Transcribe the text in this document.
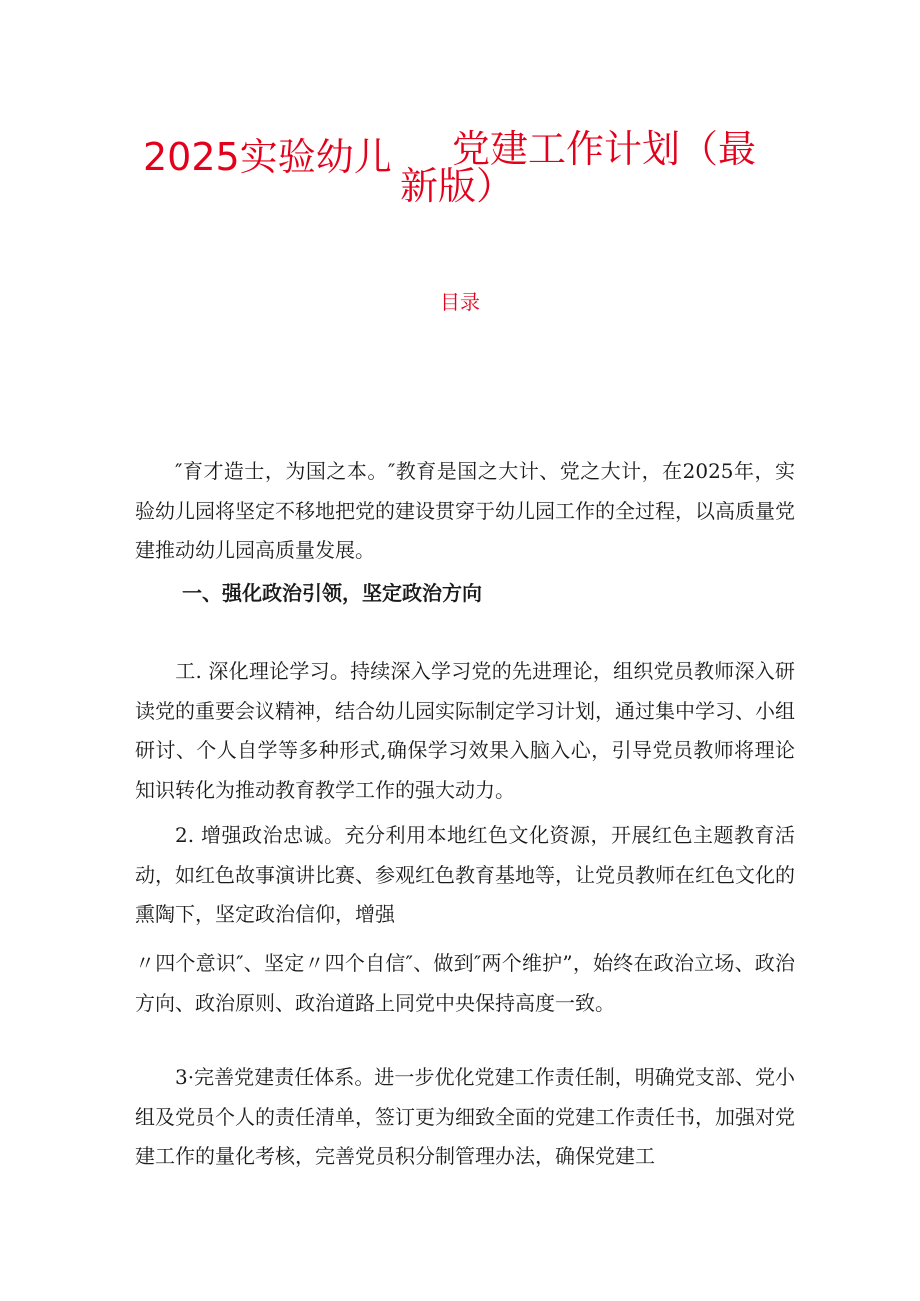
2025实验幼儿 党建工作计划（最
新版）
目录
″育才造士，为国之本。″教育是国之大计、党之大计，在2025年，实验幼儿园将坚定不移地把党的建设贯穿于幼儿园工作的全过程，以高质量党建推动幼儿园高质量发展。
一、强化政治引领，坚定政治方向
工. 深化理论学习。持续深入学习党的先进理论，组织党员教师深入研读党的重要会议精神，结合幼儿园实际制定学习计划，通过集中学习、小组研讨、个人自学等多种形式,确保学习效果入脑入心，引导党员教师将理论知识转化为推动教育教学工作的强大动力。
2. 增强政治忠诚。充分利用本地红色文化资源，开展红色主题教育活动，如红色故事演讲比赛、参观红色教育基地等，让党员教师在红色文化的熏陶下，坚定政治信仰，增强
〃四个意识″、坚定〃四个自信″、做到″两个维护”，始终在政治立场、政治方向、政治原则、政治道路上同党中央保持高度一致。
3·完善党建责任体系。进一步优化党建工作责任制，明确党支部、党小组及党员个人的责任清单，签订更为细致全面的党建工作责任书，加强对党建工作的量化考核，完善党员积分制管理办法，确保党建工
